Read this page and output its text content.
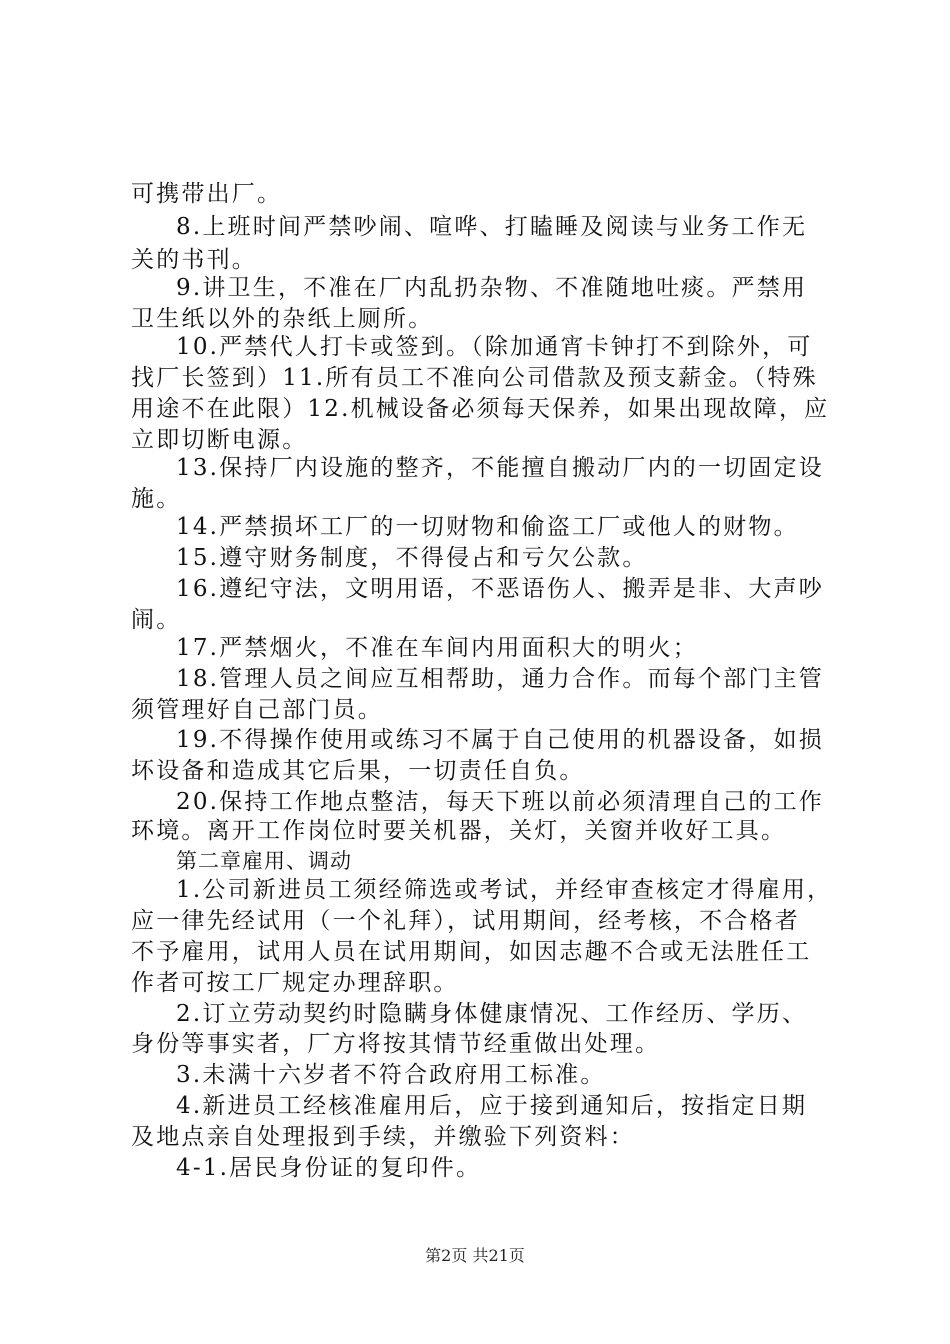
可携带出厂。
8.上班时间严禁吵闹、喧哗、打瞌睡及阅读与业务工作无
关的书刊。
9.讲卫生，不准在厂内乱扔杂物、不准随地吐痰。严禁用
卫生纸以外的杂纸上厕所。
10.严禁代人打卡或签到。（除加通宵卡钟打不到除外，可
找厂长签到）11.所有员工不准向公司借款及预支薪金。（特殊
用途不在此限）12.机械设备必须每天保养，如果出现故障，应
立即切断电源。
13.保持厂内设施的整齐，不能擅自搬动厂内的一切固定设
施。
14.严禁损坏工厂的一切财物和偷盗工厂或他人的财物。
15.遵守财务制度，不得侵占和亏欠公款。
16.遵纪守法，文明用语，不恶语伤人、搬弄是非、大声吵
闹。
17.严禁烟火，不准在车间内用面积大的明火；
18.管理人员之间应互相帮助，通力合作。而每个部门主管
须管理好自己部门员。
19.不得操作使用或练习不属于自己使用的机器设备，如损
坏设备和造成其它后果，一切责任自负。
20.保持工作地点整洁，每天下班以前必须清理自己的工作
环境。离开工作岗位时要关机器，关灯，关窗并收好工具。
第二章雇用、调动
1.公司新进员工须经筛选或考试，并经审查核定才得雇用，
应一律先经试用（一个礼拜），试用期间，经考核，不合格者
不予雇用，试用人员在试用期间，如因志趣不合或无法胜任工
作者可按工厂规定办理辞职。
2.订立劳动契约时隐瞒身体健康情况、工作经历、学历、
身份等事实者，厂方将按其情节经重做出处理。
3.未满十六岁者不符合政府用工标准。
4.新进员工经核准雇用后，应于接到通知后，按指定日期
及地点亲自处理报到手续，并缴验下列资料：
4-1.居民身份证的复印件。
第2页 共21页
